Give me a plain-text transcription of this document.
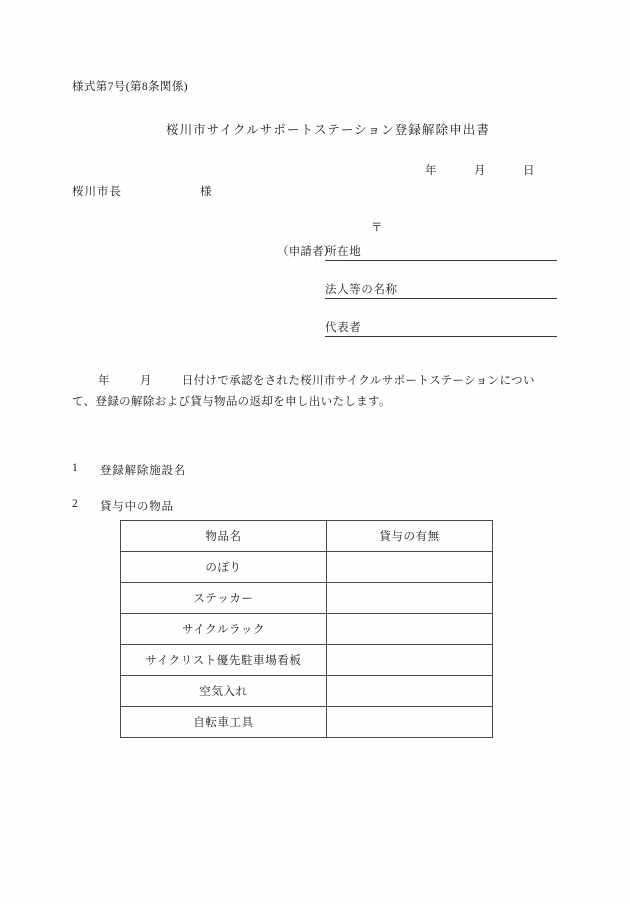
様式第7号(第8条関係)
桜川市サイクルサポートステーション登録解除申出書
年	月	日
桜川市長	様
〒
（申請者）
所在地
法人等の名称
代表者
年	月	日付けで承認をされた桜川市サイクルサポートステーションについて、登録の解除および貸与物品の返却を申し出いたします。
1 登録解除施設名
2 貸与中の物品
物品名	貸与の有無
のぼり	
ステッカー	
サイクルラック	
サイクリスト優先駐車場看板	
空気入れ	
自転車工具	
